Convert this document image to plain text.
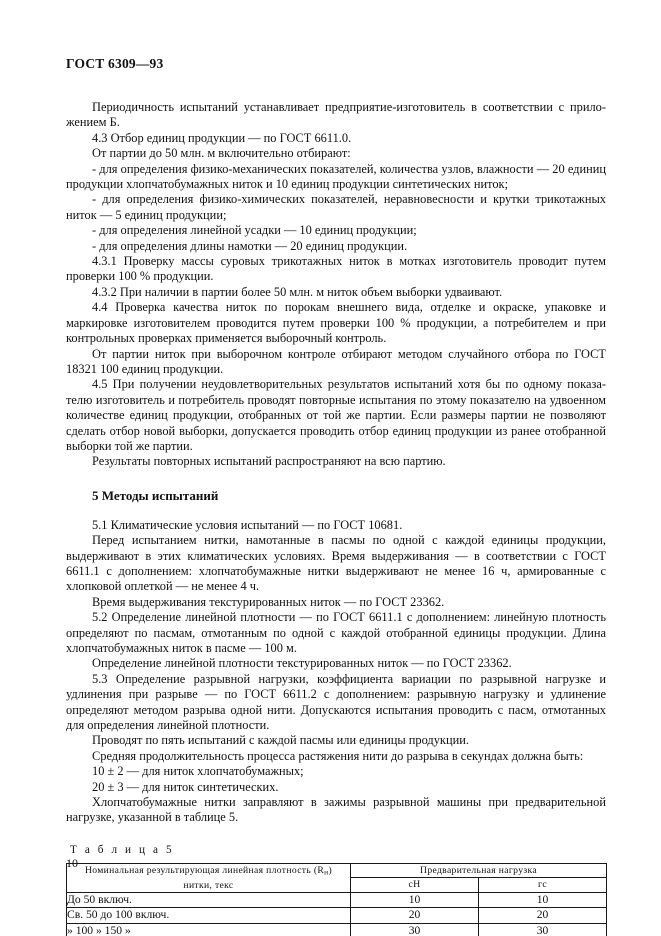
ГОСТ 6309—93

Периодичность испытаний устанавливает предприятие-изготовитель в соответствии с приложением Б.

4.3 Отбор единиц продукции — по ГОСТ 6611.0.

От партии до 50 млн. м включительно отбирают:

- для определения физико-механических показателей, количества узлов, влажности — 20 единиц продукции хлопчатобумажных ниток и 10 единиц продукции синтетических ниток;

- для определения физико-химических показателей, неравновесности и крутки трикотажных ниток — 5 единиц продукции;

- для определения линейной усадки — 10 единиц продукции;

- для определения длины намотки — 20 единиц продукции.

4.3.1 Проверку массы суровых трикотажных ниток в мотках изготовитель проводит путем проверки 100 % продукции.

4.3.2 При наличии в партии более 50 млн. м ниток объем выборки удваивают.

4.4 Проверка качества ниток по порокам внешнего вида, отделке и окраске, упаковке и маркировке изготовителем проводится путем проверки 100 % продукции, а потребителем и при контрольных проверках применяется выборочный контроль.

От партии ниток при выборочном контроле отбирают методом случайного отбора по ГОСТ 18321 100 единиц продукции.

4.5 При получении неудовлетворительных результатов испытаний хотя бы по одному показателю изготовитель и потребитель проводят повторные испытания по этому показателю на удвоенном количестве единиц продукции, отобранных от той же партии. Если размеры партии не позволяют сделать отбор новой выборки, допускается проводить отбор единиц продукции из ранее отобранной выборки той же партии.

Результаты повторных испытаний распространяют на всю партию.

5 Методы испытаний

5.1 Климатические условия испытаний — по ГОСТ 10681.

Перед испытанием нитки, намотанные в пасмы по одной с каждой единицы продукции, выдерживают в этих климатических условиях. Время выдерживания — в соответствии с ГОСТ 6611.1 с дополнением: хлопчатобумажные нитки выдерживают не менее 16 ч, армированные с хлопковой оплеткой — не менее 4 ч.

Время выдерживания текстурированных ниток — по ГОСТ 23362.

5.2 Определение линейной плотности — по ГОСТ 6611.1 с дополнением: линейную плотность определяют по пасмам, отмотанным по одной с каждой отобранной единицы продукции. Длина хлопчатобумажных ниток в пасме — 100 м.

Определение линейной плотности текстурированных ниток — по ГОСТ 23362.

5.3 Определение разрывной нагрузки, коэффициента вариации по разрывной нагрузке и удлинения при разрыве — по ГОСТ 6611.2 с дополнением: разрывную нагрузку и удлинение определяют методом разрыва одной нити. Допускаются испытания проводить с пасм, отмотанных для определения линейной плотности.

Проводят по пять испытаний с каждой пасмы или единицы продукции.

Средняя продолжительность процесса растяжения нити до разрыва в секундах должна быть:

10 ± 2 — для ниток хлопчатобумажных;

20 ± 3 — для ниток синтетических.

Хлопчатобумажные нитки заправляют в зажимы разрывной машины при предварительной нагрузке, указанной в таблице 5.

Т а б л и ц а 5
Номинальная результирующая линейная плотность $(R_н)$
нитки, текс	Предварительная нагрузка	
	сН	гс
До 50 включ.	10	10
Св. 50 до 100 включ.	20	20
» 100 » 150 »	30	30
10
